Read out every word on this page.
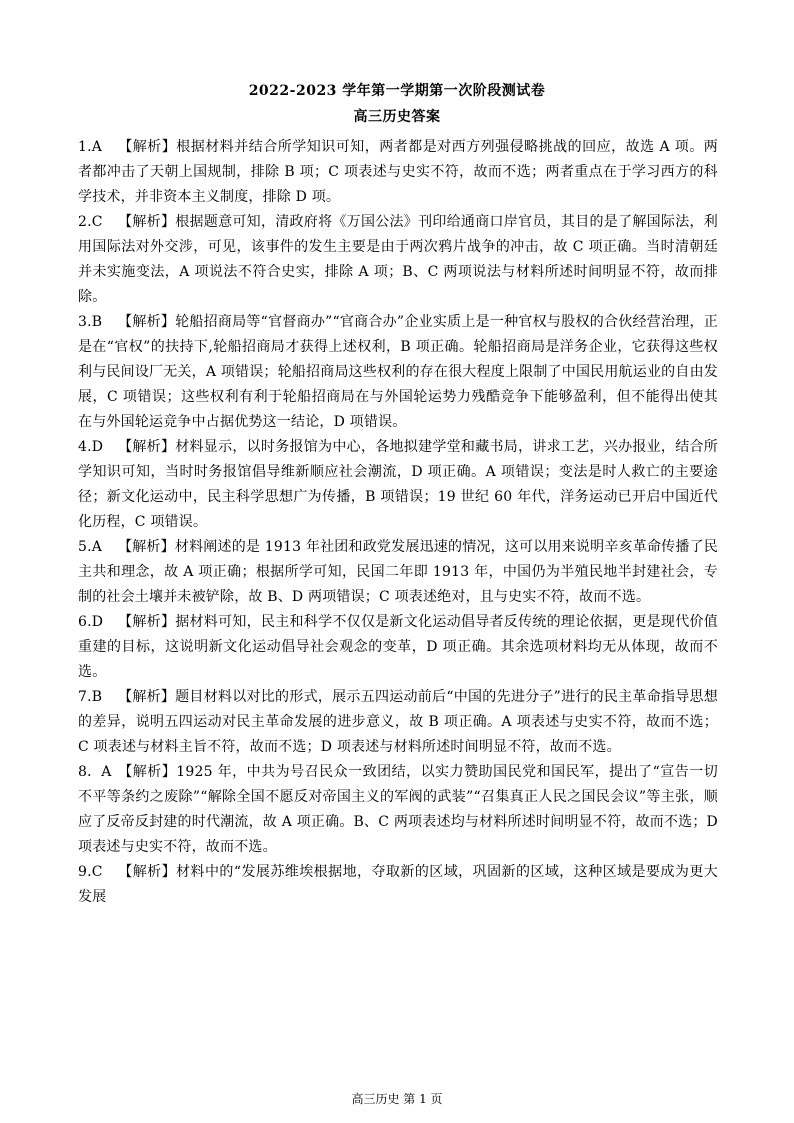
2022-2023 学年第一学期第一次阶段测试卷
高三历史答案

1.A 【解析】根据材料并结合所学知识可知，两者都是对西方列强侵略挑战的回应，故选 A 项。两者都冲击了天朝上国规制，排除 B 项；C 项表述与史实不符，故而不选；两者重点在于学习西方的科学技术，并非资本主义制度，排除 D 项。

2.C 【解析】根据题意可知，清政府将《万国公法》刊印给通商口岸官员，其目的是了解国际法，利用国际法对外交涉，可见，该事件的发生主要是由于两次鸦片战争的冲击，故 C 项正确。当时清朝廷并未实施变法，A 项说法不符合史实，排除 A 项；B、C 两项说法与材料所述时间明显不符，故而排除。

3.B 【解析】轮船招商局等“官督商办”“官商合办”企业实质上是一种官权与股权的合伙经营治理，正是在“官权”的扶持下,轮船招商局才获得上述权利，B 项正确。轮船招商局是洋务企业，它获得这些权利与民间设厂无关，A 项错误；轮船招商局这些权利的存在很大程度上限制了中国民用航运业的自由发展，C 项错误；这些权利有利于轮船招商局在与外国轮运势力残酷竞争下能够盈利，但不能得出使其在与外国轮运竞争中占据优势这一结论，D 项错误。

4.D 【解析】材料显示，以时务报馆为中心，各地拟建学堂和藏书局，讲求工艺，兴办报业，结合所学知识可知，当时时务报馆倡导维新顺应社会潮流，D 项正确。A 项错误；变法是时人救亡的主要途径；新文化运动中，民主科学思想广为传播，B 项错误；19 世纪 60 年代，洋务运动已开启中国近代化历程，C 项错误。

5.A 【解析】材料阐述的是 1913 年社团和政党发展迅速的情况，这可以用来说明辛亥革命传播了民主共和理念，故 A 项正确；根据所学可知，民国二年即 1913 年，中国仍为半殖民地半封建社会，专制的社会土壤并未被铲除，故 B、D 两项错误；C 项表述绝对，且与史实不符，故而不选。

6.D 【解析】据材料可知，民主和科学不仅仅是新文化运动倡导者反传统的理论依据，更是现代价值重建的目标，这说明新文化运动倡导社会观念的变革，D 项正确。其余选项材料均无从体现，故而不选。

7.B 【解析】题目材料以对比的形式，展示五四运动前后“中国的先进分子”进行的民主革命指导思想的差异，说明五四运动对民主革命发展的进步意义，故 B 项正确。A 项表述与史实不符，故而不选；C 项表述与材料主旨不符，故而不选；D 项表述与材料所述时间明显不符，故而不选。

8．A 【解析】1925 年，中共为号召民众一致团结，以实力赞助国民党和国民军，提出了“宣告一切不平等条约之废除”“解除全国不愿反对帝国主义的军阀的武装”“召集真正人民之国民会议”等主张，顺应了反帝反封建的时代潮流，故 A 项正确。B、C 两项表述均与材料所述时间明显不符，故而不选；D 项表述与史实不符，故而不选。

9.C 【解析】材料中的“发展苏维埃根据地，夺取新的区域，巩固新的区域，这种区域是要成为更大发展

高三历史 第 1 页
